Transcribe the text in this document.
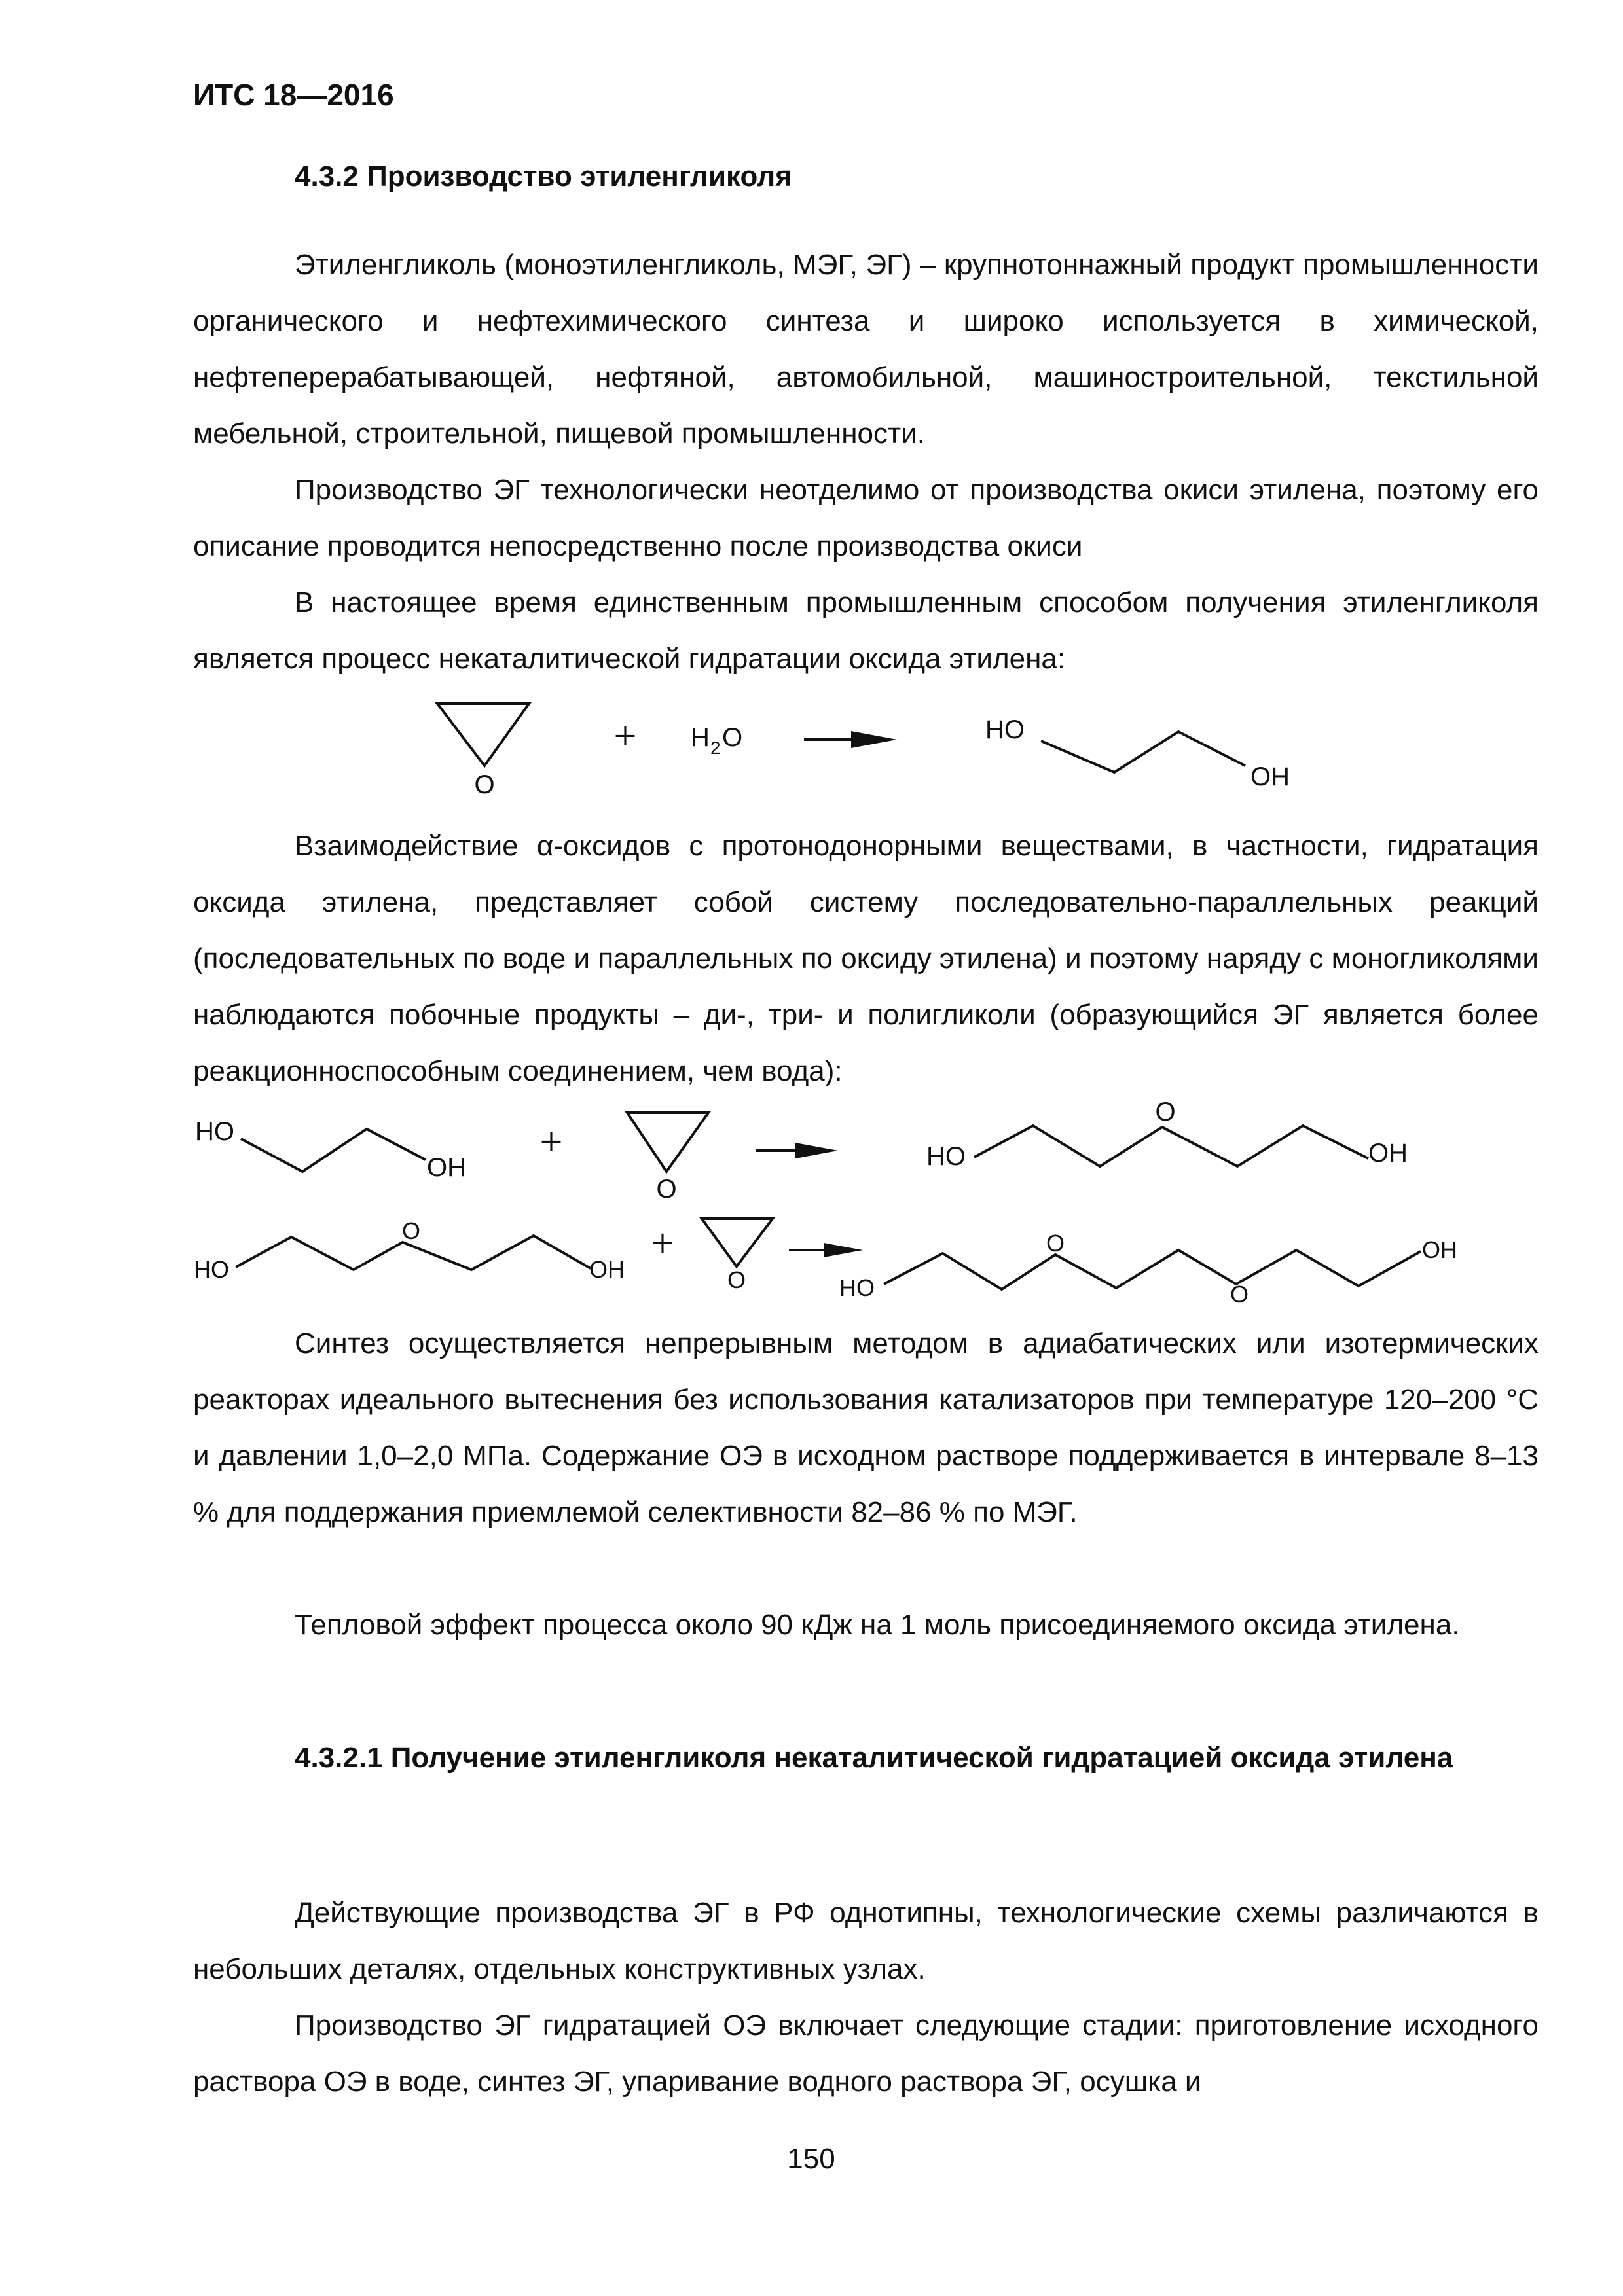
ИТС 18—2016

4.3.2 Производство этиленгликоля

Этиленгликоль (моноэтиленгликоль, МЭГ, ЭГ) – крупнотоннажный продукт промышленности органического и нефтехимического синтеза и широко используется в химической, нефтеперерабатывающей, нефтяной, автомобильной, машиностроительной, текстильной мебельной, строительной, пищевой промышленности.

Производство ЭГ технологически неотделимо от производства окиси этилена, поэтому его описание проводится непосредственно после производства окиси

В настоящее время единственным промышленным способом получения этиленгликоля является процесс некаталитической гидратации оксида этилена:

O
+ H 2 O	HO
OH

Взаимодействие α-оксидов с протонодонорными веществами, в частности, гидратация оксида этилена, представляет собой систему последовательно-параллельных реакций (последовательных по воде и параллельных по оксиду этилена) и поэтому наряду с моногликолями наблюдаются побочные продукты – ди-, три- и полигликоли (образующийся ЭГ является более реакционноспособным соединением, чем вода):

HO
OH
+
O
HO
O
OH
HO
O
OH
+
O	HO
O
O
OH

Синтез осуществляется непрерывным методом в адиабатических или изотермических реакторах идеального вытеснения без использования катализаторов при температуре 120–200 °С и давлении 1,0–2,0 МПа. Содержание ОЭ в исходном растворе поддерживается в интервале 8–13 % для поддержания приемлемой селективности 82–86 % по МЭГ.

Тепловой эффект процесса около 90 кДж на 1 моль присоединяемого оксида этилена.

4.3.2.1 Получение этиленгликоля некаталитической гидратацией оксида этилена

Действующие производства ЭГ в РФ однотипны, технологические схемы различаются в небольших деталях, отдельных конструктивных узлах.

Производство ЭГ гидратацией ОЭ включает следующие стадии: приготовление исходного раствора ОЭ в воде, синтез ЭГ, упаривание водного раствора ЭГ, осушка и

150
